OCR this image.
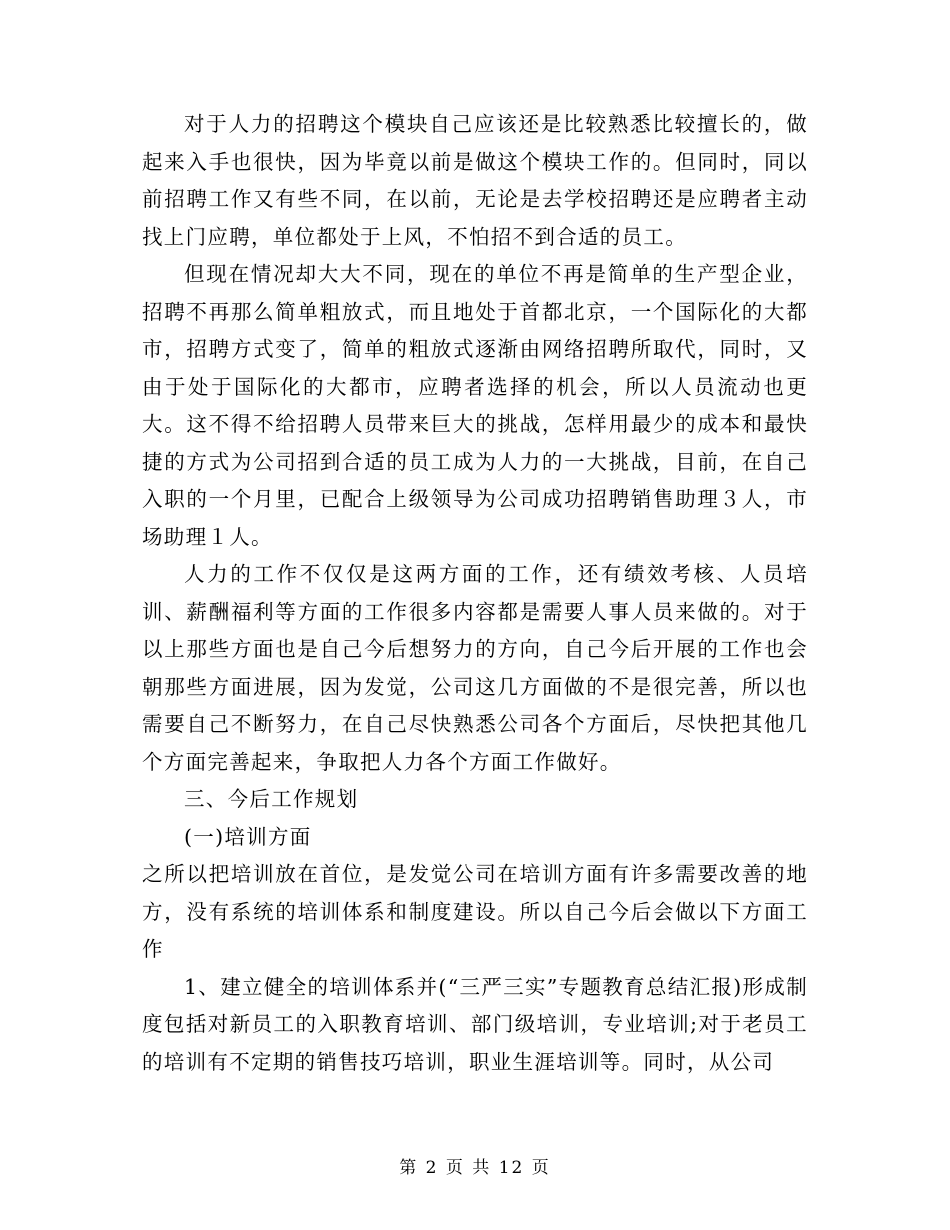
对于人力的招聘这个模块自己应该还是比较熟悉比较擅长的，做起来入手也很快，因为毕竟以前是做这个模块工作的。但同时，同以前招聘工作又有些不同，在以前，无论是去学校招聘还是应聘者主动找上门应聘，单位都处于上风，不怕招不到合适的员工。

但现在情况却大大不同，现在的单位不再是简单的生产型企业，招聘不再那么简单粗放式，而且地处于首都北京，一个国际化的大都市，招聘方式变了，简单的粗放式逐渐由网络招聘所取代，同时，又由于处于国际化的大都市，应聘者选择的机会，所以人员流动也更大。这不得不给招聘人员带来巨大的挑战，怎样用最少的成本和最快捷的方式为公司招到合适的员工成为人力的一大挑战，目前，在自己入职的一个月里，已配合上级领导为公司成功招聘销售助理３人，市场助理１人。

人力的工作不仅仅是这两方面的工作，还有绩效考核、人员培训、薪酬福利等方面的工作很多内容都是需要人事人员来做的。对于以上那些方面也是自己今后想努力的方向，自己今后开展的工作也会朝那些方面进展，因为发觉，公司这几方面做的不是很完善，所以也需要自己不断努力，在自己尽快熟悉公司各个方面后，尽快把其他几个方面完善起来，争取把人力各个方面工作做好。

三、今后工作规划

(一)培训方面

之所以把培训放在首位，是发觉公司在培训方面有许多需要改善的地方，没有系统的培训体系和制度建设。所以自己今后会做以下方面工作

1、建立健全的培训体系并(“三严三实”专题教育总结汇报)形成制度包括对新员工的入职教育培训、部门级培训，专业培训;对于老员工的培训有不定期的销售技巧培训，职业生涯培训等。同时，从公司

第 2 页 共 12 页
